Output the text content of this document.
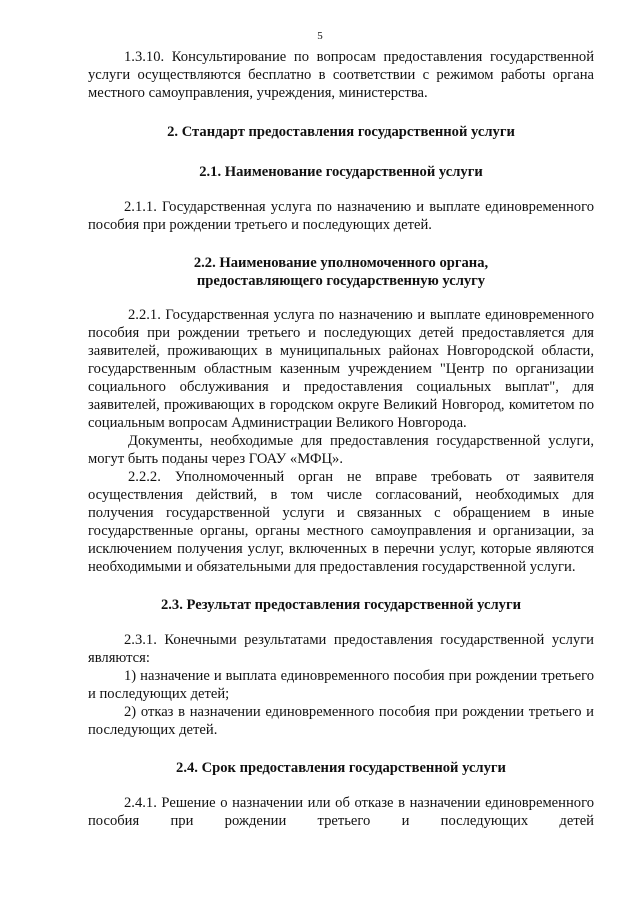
5

1.3.10. Консультирование по вопросам предоставления государственной услуги осуществляются бесплатно в соответствии с режимом работы органа местного самоуправления, учреждения, министерства.

2. Стандарт предоставления государственной услуги

2.1. Наименование государственной услуги

2.1.1. Государственная услуга по назначению и выплате единовременного пособия при рождении третьего и последующих детей.

2.2. Наименование уполномоченного органа,
предоставляющего государственную услугу

2.2.1. Государственная услуга по назначению и выплате единовременного пособия при рождении третьего и последующих детей предоставляется для заявителей, проживающих в муниципальных районах Новгородской области, государственным областным казенным учреждением "Центр по организации социального обслуживания и предоставления социальных выплат", для заявителей, проживающих в городском округе Великий Новгород, комитетом по социальным вопросам Администрации Великого Новгорода.

Документы, необходимые для предоставления государственной услуги, могут быть поданы через ГОАУ «МФЦ».

2.2.2. Уполномоченный орган не вправе требовать от заявителя осуществления действий, в том числе согласований, необходимых для получения государственной услуги и связанных с обращением в иные государственные органы, органы местного самоуправления и организации, за исключением получения услуг, включенных в перечни услуг, которые являются необходимыми и обязательными для предоставления государственной услуги.

2.3. Результат предоставления государственной услуги

2.3.1. Конечными результатами предоставления государственной услуги являются:

1) назначение и выплата единовременного пособия при рождении третьего и последующих детей;

2) отказ в назначении единовременного пособия при рождении третьего и последующих детей.

2.4. Срок предоставления государственной услуги

2.4.1. Решение о назначении или об отказе в назначении единовременного пособия при рождении третьего и последующих детей
